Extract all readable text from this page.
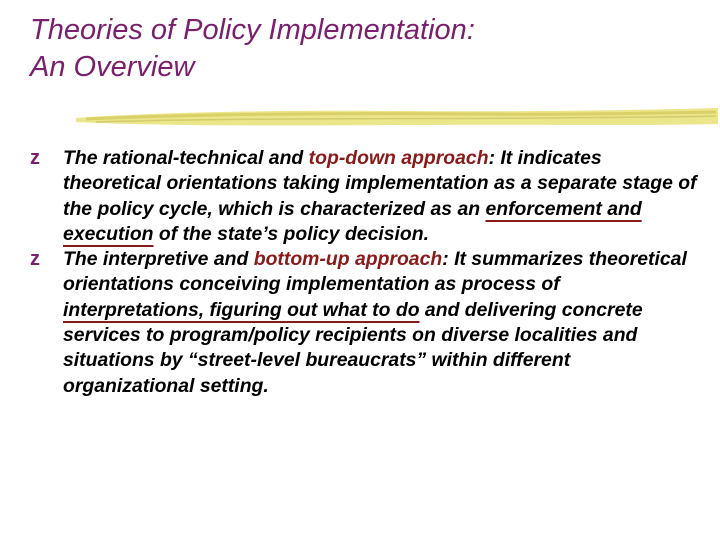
Theories of Policy Implementation:
An Overview
z The rational-technical and top-down approach: It indicates theoretical orientations taking implementation as a separate stage of the policy cycle, which is characterized as an enforcement and execution of the state’s policy decision.
z The interpretive and bottom-up approach: It summarizes theoretical orientations conceiving implementation as process of interpretations, figuring out what to do and delivering concrete services to program/policy recipients on diverse localities and situations by “street-level bureaucrats” within different organizational setting.
